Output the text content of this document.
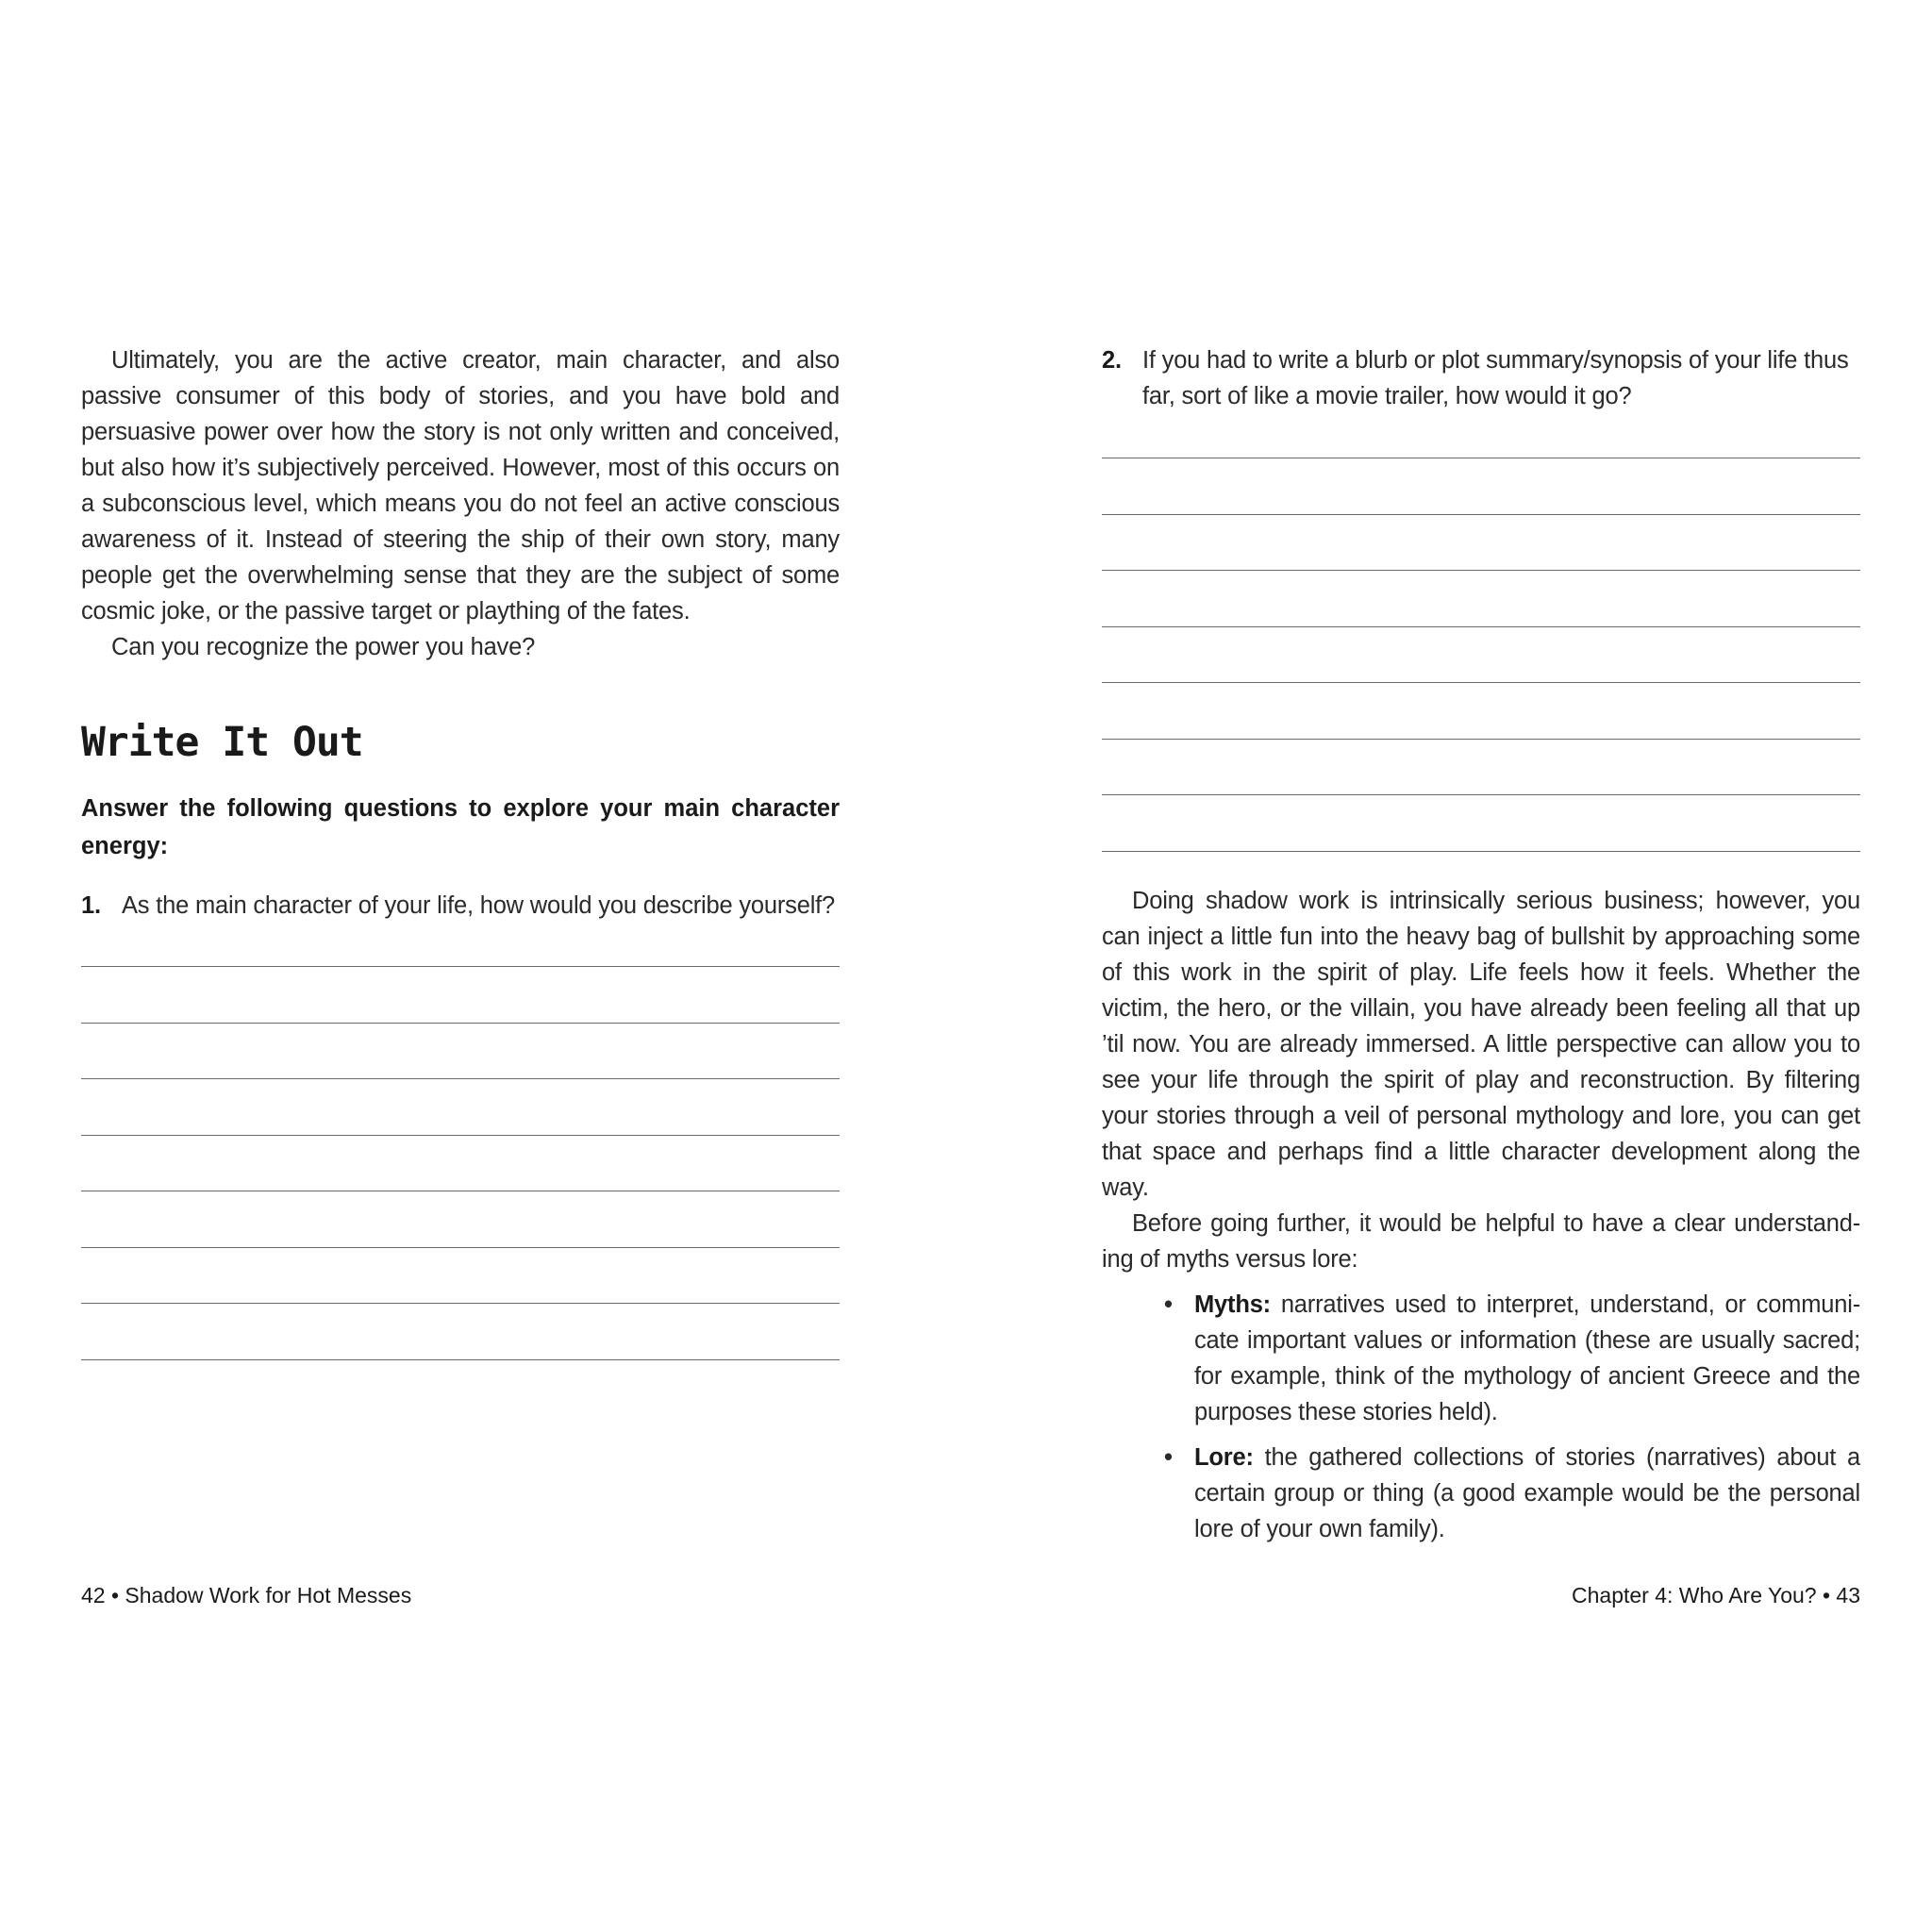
Ultimately, you are the active creator, main character, and also passive consumer of this body of stories, and you have bold and persuasive power over how the story is not only written and conceived, but also how it’s subjectively perceived. However, most of this occurs on a subconscious level, which means you do not feel an active conscious awareness of it. Instead of steering the ship of their own story, many people get the overwhelming sense that they are the subject of some cosmic joke, or the passive target or plaything of the fates.

Can you recognize the power you have?

Write It Out

Answer the following questions to explore your main character energy:

1. As the main character of your life, how would you describe yourself?

42 • Shadow Work for Hot Messes

2. If you had to write a blurb or plot summary/synopsis of your life thus far, sort of like a movie trailer, how would it go?

Doing shadow work is intrinsically serious business; however, you can inject a little fun into the heavy bag of bullshit by approaching some of this work in the spirit of play. Life feels how it feels. Whether the victim, the hero, or the villain, you have already been feeling all that up ’til now. You are already immersed. A little perspective can allow you to see your life through the spirit of play and reconstruction. By filtering your stories through a veil of personal mythology and lore, you can get that space and perhaps find a little character development along the way.

Before going further, it would be helpful to have a clear understand-ing of myths versus lore:

• Myths: narratives used to interpret, understand, or communi-cate important values or information (these are usually sacred; for example, think of the mythology of ancient Greece and the purposes these stories held).
• Lore: the gathered collections of stories (narratives) about a certain group or thing (a good example would be the personal lore of your own family).

Chapter 4: Who Are You? • 43
